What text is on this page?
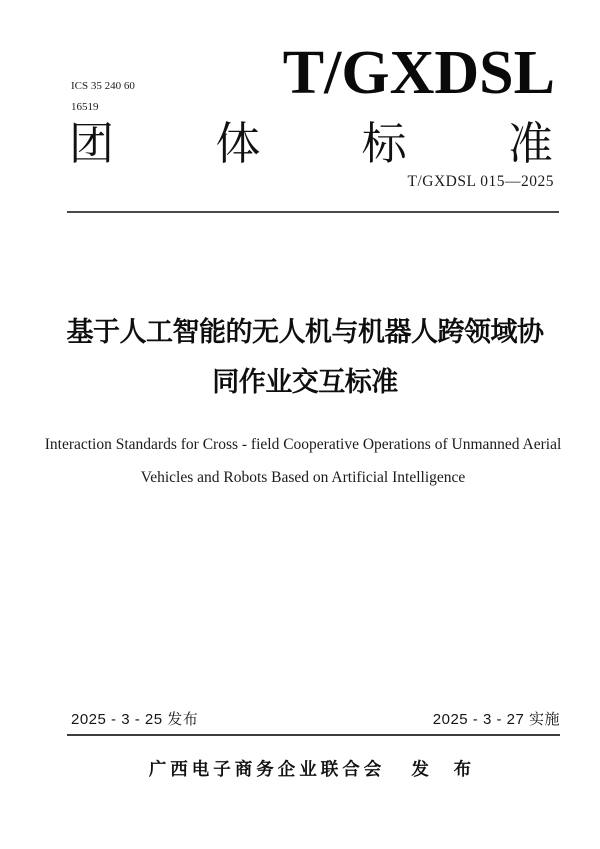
ICS 35 240 60
16519	T/GXDSL
团 体 标 准
T/GXDSL 015—2025
基于人工智能的无人机与机器人跨领域协
同作业交互标准
Interaction Standards for Cross - field Cooperative Operations of Unmanned Aerial
Vehicles and Robots Based on Artificial Intelligence
2025 - 3 - 25 发布	2025 - 3 - 27 实施
广西电子商务企业联合会 发 布
